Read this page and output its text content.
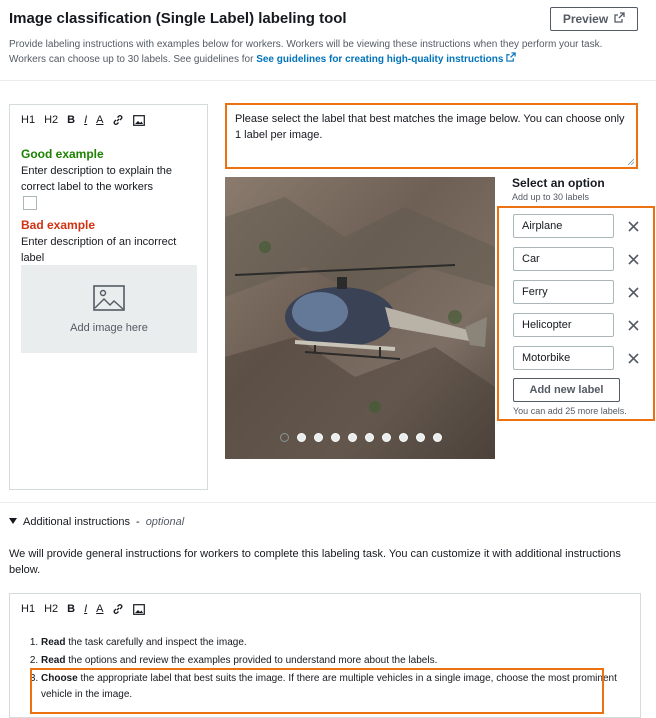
Image classification (Single Label) labeling tool	Preview
Provide labeling instructions with examples below for workers. Workers will be viewing these instructions when they perform your task. Workers can choose up to 30 labels. See guidelines for See guidelines for creating high-quality instructions
H1 H2 B I A
Good example
Enter description to explain the correct label to the workers
Bad example
Enter description of an incorrect label
Add image here
Please select the label that best matches the image below. You can choose only 1 label per image.
Select an option
Add up to 30 labels
Airplane
Car
Ferry
Helicopter
Motorbike
Add new label
You can add 25 more labels.
Additional instructions - optional
We will provide general instructions for workers to complete this labeling task. You can customize it with additional instructions below.
H1 H2 B I A
1. Read the task carefully and inspect the image.
2. Read the options and review the examples provided to understand more about the labels.
3. Choose the appropriate label that best suits the image. If there are multiple vehicles in a single image, choose the most prominent vehicle in the image.
